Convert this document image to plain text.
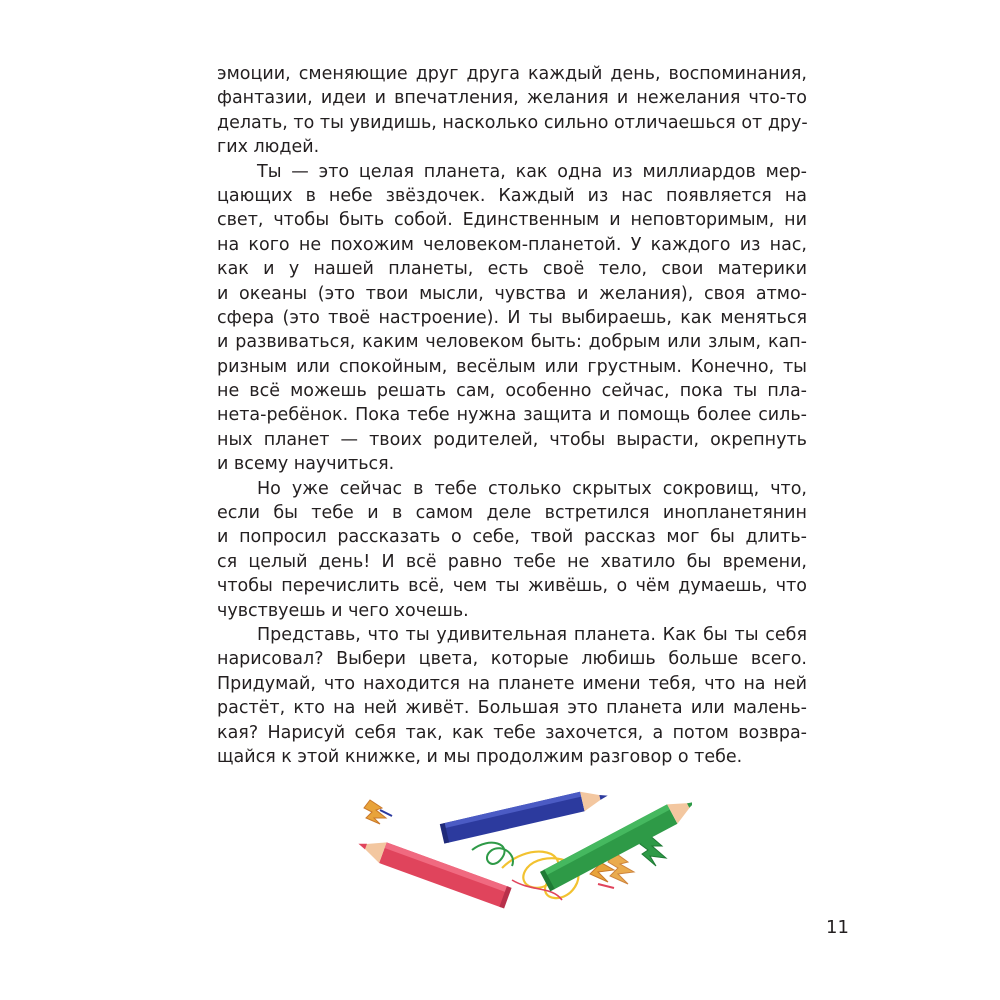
эмоции, сменяющие друг друга каждый день, воспоминания,
фантазии, идеи и впечатления, желания и нежелания что-то
делать, то ты увидишь, насколько сильно отличаешься от дру-
гих людей.
Ты — это целая планета, как одна из миллиардов мер-
цающих в небе звёздочек. Каждый из нас появляется на
свет, чтобы быть собой. Единственным и неповторимым, ни
на кого не похожим человеком-планетой. У каждого из нас,
как и у нашей планеты, есть своё тело, свои материки
и океаны (это твои мысли, чувства и желания), своя атмо-
сфера (это твоё настроение). И ты выбираешь, как меняться
и развиваться, каким человеком быть: добрым или злым, кап-
ризным или спокойным, весёлым или грустным. Конечно, ты
не всё можешь решать сам, особенно сейчас, пока ты пла-
нета-ребёнок. Пока тебе нужна защита и помощь более силь-
ных планет — твоих родителей, чтобы вырасти, окрепнуть
и всему научиться.
Но уже сейчас в тебе столько скрытых сокровищ, что,
если бы тебе и в самом деле встретился инопланетянин
и попросил рассказать о себе, твой рассказ мог бы длить-
ся целый день! И всё равно тебе не хватило бы времени,
чтобы перечислить всё, чем ты живёшь, о чём думаешь, что
чувствуешь и чего хочешь.
Представь, что ты удивительная планета. Как бы ты себя
нарисовал? Выбери цвета, которые любишь больше всего.
Придумай, что находится на планете имени тебя, что на ней
растёт, кто на ней живёт. Большая это планета или малень-
кая? Нарисуй себя так, как тебе захочется, а потом возвра-
щайся к этой книжке, и мы продолжим разговор о тебе.
11
